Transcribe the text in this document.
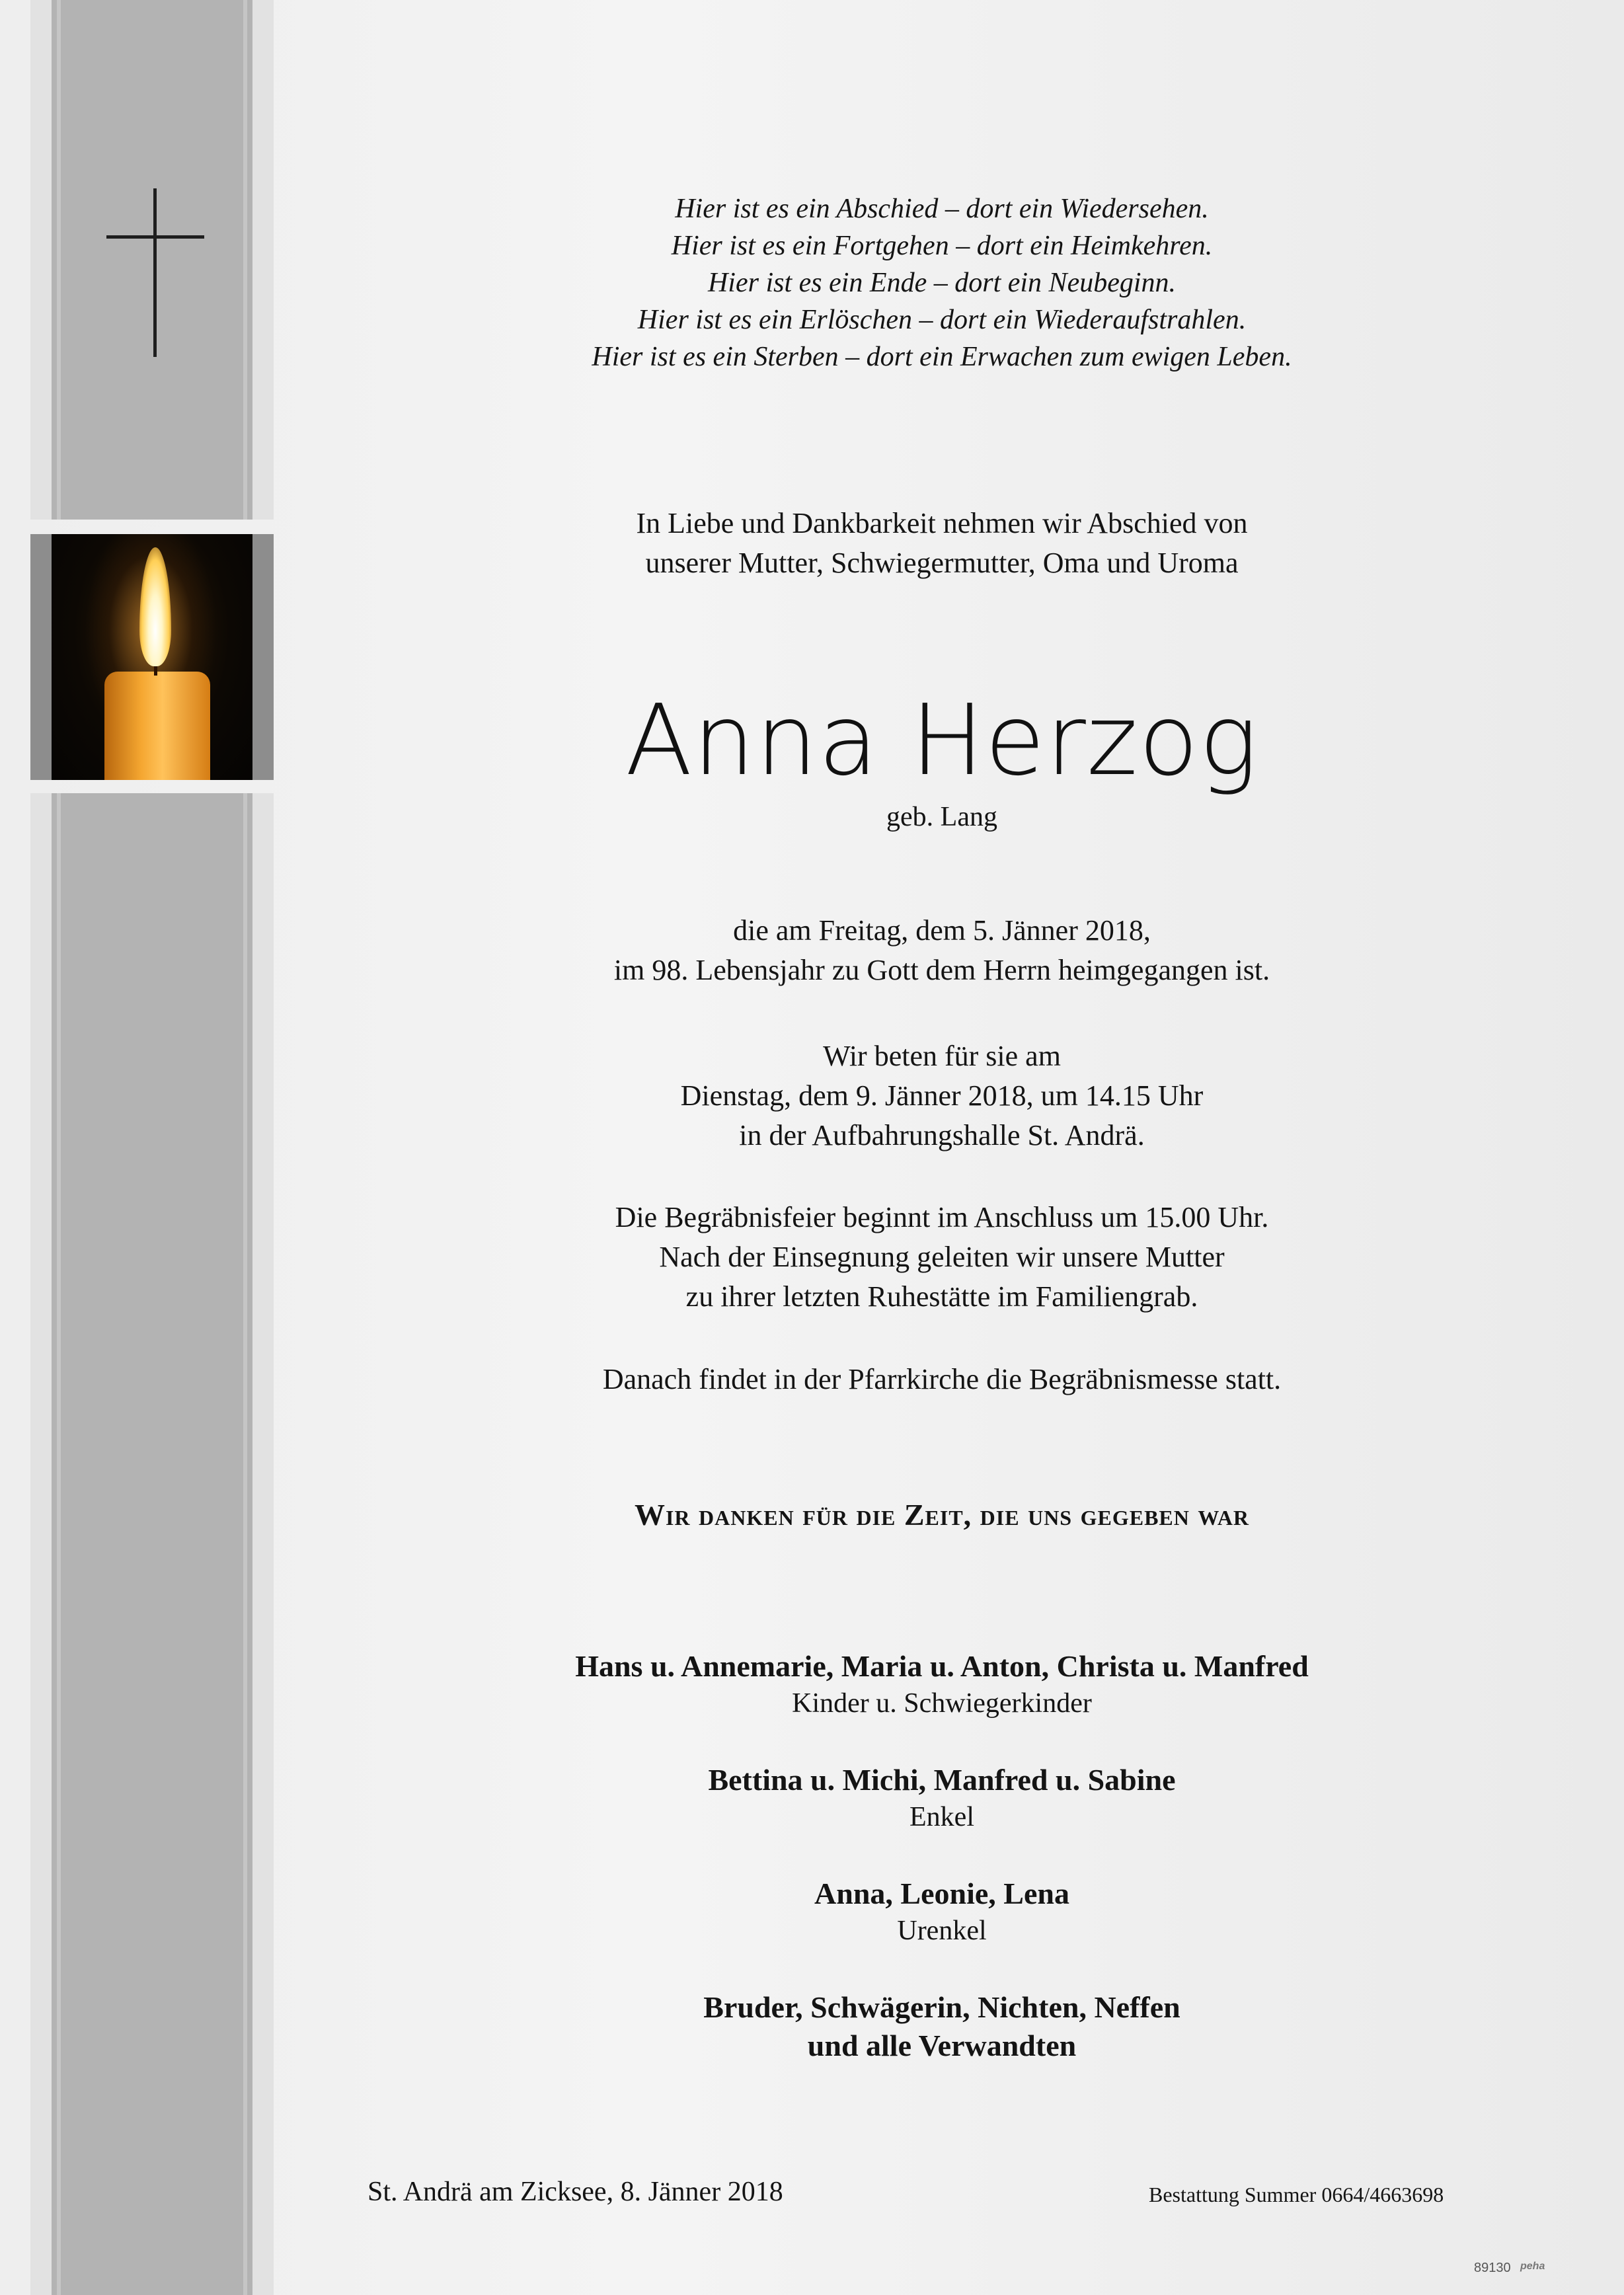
Hier ist es ein Abschied – dort ein Wiedersehen.
Hier ist es ein Fortgehen – dort ein Heimkehren.
Hier ist es ein Ende – dort ein Neubeginn.
Hier ist es ein Erlöschen – dort ein Wiederaufstrahlen.
Hier ist es ein Sterben – dort ein Erwachen zum ewigen Leben.
In Liebe und Dankbarkeit nehmen wir Abschied von
unserer Mutter, Schwiegermutter, Oma und Uroma
Anna Herzog
geb. Lang
die am Freitag, dem 5. Jänner 2018,
im 98. Lebensjahr zu Gott dem Herrn heimgegangen ist.
Wir beten für sie am
Dienstag, dem 9. Jänner 2018, um 14.15 Uhr
in der Aufbahrungshalle St. Andrä.
Die Begräbnisfeier beginnt im Anschluss um 15.00 Uhr.
Nach der Einsegnung geleiten wir unsere Mutter
zu ihrer letzten Ruhestätte im Familiengrab.
Danach findet in der Pfarrkirche die Begräbnismesse statt.
Wir danken für die Zeit, die uns gegeben war
Hans u. Annemarie, Maria u. Anton, Christa u. Manfred
Kinder u. Schwiegerkinder
Bettina u. Michi, Manfred u. Sabine
Enkel
Anna, Leonie, Lena
Urenkel
Bruder, Schwägerin, Nichten, Neffen
und alle Verwandten
St. Andrä am Zicksee, 8. Jänner 2018	Bestattung Summer 0664/4663698
89130 peha
